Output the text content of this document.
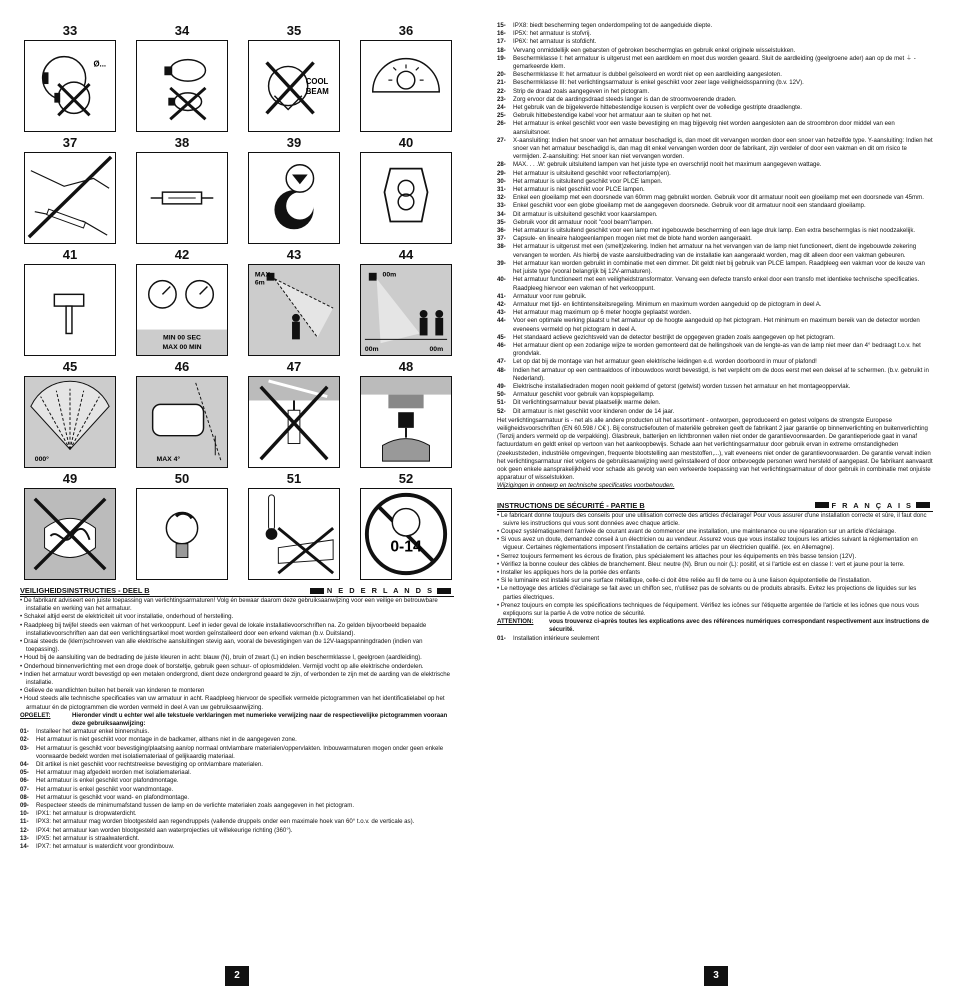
33
Ø...
34	35
COOL
BEAM
36
37	38	39	40
41	42
MIN 00 SEC
MAX 00 MIN
43
MAX
6m
44
00m
00m	00m
45
000°
46
MAX 4°
47	48
49	50	51	52
0-14
VEILIGHEIDSINSTRUCTIES - DEEL B	N E D E R L A N D S
• De fabrikant adviseert een juiste toepassing van verlichtingsarmaturen! Volg én bewaar daarom deze gebruiksaanwijzing voor een veilige en betrouwbare installatie en werking van het armatuur.
• Schakel altijd eerst de elektriciteit uit voor installatie, onderhoud of herstelling.
• Raadpleeg bij twijfel steeds een vakman of het verkooppunt. Leef in ieder geval de lokale installatievoorschriften na. Zo gelden bijvoorbeeld bepaalde installatievoorschriften aan dat een verlichtingsartikel moet worden geïnstalleerd door een erkend vakman (b.v. Duitsland).
• Draai steeds de (klem)schroeven van alle elektrische aansluitingen stevig aan, vooral de bevestigingen van de 12V-laagspanningdraden (indien van toepassing).
• Houd bij de aansluiting van de bedrading de juiste kleuren in acht: blauw (N), bruin of zwart (L) en indien beschermklasse I, geelgroen (aardleiding).
• Onderhoud binnenverlichting met een droge doek of borsteltje, gebruik geen schuur- of oplosmiddelen. Vermijd vocht op alle elektrische onderdelen.
• Indien het armatuur wordt bevestigd op een metalen ondergrond, dient deze ondergrond geaard te zijn, of verbonden te zijn met de aarding van de elektrische installatie.
• Gelieve de wandlichten buiten het bereik van kinderen te monteren
• Houd steeds alle technische specificaties van uw armatuur in acht. Raadpleeg hiervoor de specifiek vermelde pictogrammen van het identificatielabel op het armatuur én de pictogrammen die worden vermeld in deel A van uw gebruiksaanwijzing.
OPGELET:	Hieronder vindt u echter wel alle tekstuele verklaringen met numerieke verwijzing naar de respectievelijke pictogrammen vooraan deze gebruiksaanwijzing:
01-	Installeer het armatuur enkel binnenshuis.
02-	Het armatuur is niet geschikt voor montage in de badkamer, althans niet in de aangegeven zone.
03-	Het armatuur is geschikt voor bevestiging/plaatsing aan/op normaal ontvlambare materialen/oppervlakten. Inbouwarmaturen mogen onder geen enkele voorwaarde bedekt worden met isolatiemateriaal of gelijkaardig materiaal.
04-	Dit artikel is niet geschikt voor rechtstreekse bevestiging op ontvlambare materialen.
05-	Het armatuur mag afgedekt worden met isolatiemateriaal.
06-	Het armatuur is enkel geschikt voor plafondmontage.
07-	Het armatuur is enkel geschikt voor wandmontage.
08-	Het armatuur is geschikt voor wand- en plafondmontage.
09-	Respecteer steeds de minimumafstand tussen de lamp en de verlichte materialen zoals aangegeven in het pictogram.
10-	IPX1: het armatuur is dropwaterdicht.
11-	IPX3: het armatuur mag worden blootgesteld aan regendruppels (vallende druppels onder een maximale hoek van 60° t.o.v. de verticale as).
12-	IPX4: het armatuur kan worden blootgesteld aan waterprojecties uit willekeurige richting (360°).
13-	IPX5: het armatuur is straalwaterdicht.
14-	IPX7: het armatuur is waterdicht voor grondinbouw.
15-	IPX8: biedt bescherming tegen onderdompeling tot de aangeduide diepte.
16-	IP5X: het armatuur is stofvrij.
17-	IP6X: het armatuur is stofdicht.
18-	Vervang onmiddellijk een gebarsten of gebroken beschermglas en gebruik enkel originele wisselstukken.
19-	Beschermklasse I: het armatuur is uitgerust met een aardklem en moet dus worden geaard. Sluit de aardleiding (geelgroene ader) aan op de met ⏚ -gemarkeerde klem.
20-	Beschermklasse II: het armatuur is dubbel geïsoleerd en wordt niet op een aardleiding aangesloten.
21-	Beschermklasse III: het verlichtingsarmatuur is enkel geschikt voor zeer lage veiligheidsspanning (b.v. 12V).
22-	Strip de draad zoals aangegeven in het pictogram.
23-	Zorg ervoor dat de aardingsdraad steeds langer is dan de stroomvoerende draden.
24-	Het gebruik van de bijgeleverde hittebestendige kousen is verplicht over de volledige gestripte draadlengte.
25-	Gebruik hittebestendige kabel voor het armatuur aan te sluiten op het net.
26-	Het armatuur is enkel geschikt voor een vaste bevestiging en mag bijgevolg niet worden aangesloten aan de stroombron door middel van een aansluitsnoer.
27-	X-aansluiting: Indien het snoer van het armatuur beschadigd is, dan moet dit vervangen worden door een snoer van hetzelfde type. Y-aansluiting: Indien het snoer van het armatuur beschadigd is, dan mag dit enkel vervangen worden door de fabrikant, zijn verdeler of door een vakman en dit om risico te vermijden. Z-aansluiting: Het snoer kan niet vervangen worden.
28-	MAX. . . .W: gebruik uitsluitend lampen van het juiste type en overschrijd nooit het maximum aangegeven wattage.
29-	Het armatuur is uitsluitend geschikt voor reflectorlamp(en).
30-	Het armatuur is uitsluitend geschikt voor PLCE lampen.
31-	Het armatuur is niet geschikt voor PLCE lampen.
32-	Enkel een gloeilamp met een doorsnede van 60mm mag gebruikt worden. Gebruik voor dit armatuur nooit een gloeilamp met een doorsnede van 45mm.
33-	Enkel geschikt voor een globe gloeilamp met de aangegeven doorsnede. Gebruik voor dit armatuur nooit een standaard gloeilamp.
34-	Dit armatuur is uitsluitend geschikt voor kaarslampen.
35-	Gebruik voor dit armatuur nooit "cool beam"lampen.
36-	Het armatuur is uitsluitend geschikt voor een lamp met ingebouwde bescherming of een lage druk lamp. Een extra beschermglas is niet noodzakelijk.
37-	Capsule- en lineaire halogeenlampen mogen niet met de blote hand worden aangeraakt.
38-	Het armatuur is uitgerust met een (smelt)zekering. Indien het armatuur na het vervangen van de lamp niet functioneert, dient de ingebouwde zekering vervangen te worden. Als hierbij de vaste aansluitbedrading van de installatie kan aangeraakt worden, mag dit alleen door een vakman gebeuren.
39-	Het armatuur kan worden gebruikt in combinatie met een dimmer. Dit geldt niet bij gebruik van PLCE lampen. Raadpleeg een vakman voor de keuze van het juiste type (vooral belangrijk bij 12V-armaturen).
40-	Het armatuur functioneert met een veiligheidstransformator. Vervang een defecte transfo enkel door een transfo met identieke technische specificaties. Raadpleeg hiervoor een vakman of het verkooppunt.
41-	Armatuur voor ruw gebruik.
42-	Armatuur met tijd- en lichtintensiteitsregeling. Minimum en maximum worden aangeduid op de pictogram in deel A.
43-	Het armatuur mag maximum op 6 meter hoogte geplaatst worden.
44-	Voor een optimale werking plaatst u het armatuur op de hoogte aangeduid op het pictogram. Het minimum en maximum bereik van de detector worden eveneens vermeld op het pictogram in deel A.
45-	Het standaard actieve gezichtsveld van de detector bestrijkt de opgegeven graden zoals aangegeven op het pictogram.
46-	Het armatuur dient op een zodanige wijze te worden gemonteerd dat de hellingshoek van de lengte-as van de lamp niet meer dan 4° bedraagt t.o.v. het grondvlak.
47-	Let op dat bij de montage van het armatuur geen elektrische leidingen e.d. worden doorboord in muur of plafond!
48-	Indien het armatuur op een centraaldoos of inbouwdoos wordt bevestigd, is het verplicht om de doos eerst met een deksel af te schermen. (b.v. gebruikt in Nederland).
49-	Elektrische installatiedraden mogen nooit geklemd of getorst (getwist) worden tussen het armatuur en het montageoppervlak.
50-	Armatuur geschikt voor gebruik van kopspiegellamp.
51-	Dit verlichtingsarmatuur bevat plaatselijk warme delen.
52-	Dit armatuur is niet geschikt voor kinderen onder de 14 jaar.
Het verlichtingsarmatuur is - net als alle andere producten uit het assortiment - ontworpen, geproduceerd en getest volgens de strengste Europese veiligheidsvoorschriften (EN 60.598 / C€ ). Bij constructiefouten of materiële gebreken geeft de fabrikant 2 jaar garantie op binnenverlichting en buitenverlichting (Tenzij anders vermeld op de verpakking). Glasbreuk, batterijen en lichtbronnen vallen niet onder de garantievoorwaarden. De garantieperiode gaat in vanaf factuurdatum en geldt enkel op vertoon van het aankoopbewijs. Schade aan het verlichtingsarmatuur door gebruik ervan in extreme omstandigheden (zeekuststeden, industriële omgevingen, frequente blootstelling aan meststoffen,...), valt eveneens niet onder de garantievoorwaarden. De garantie vervalt indien het verlichtingsarmatuur niet volgens de gebruiksaanwijzing werd geïnstalleerd of door onbevoegde personen werd hersteld of aangepast. De fabrikant aanvaardt ook geen enkele aansprakelijkheid voor schade als gevolg van een verkeerde toepassing van het verlichtingsarmatuur of door gebruik in combinatie met onjuiste apparatuur of wisselstukken.
Wijzigingen in ontwerp en technische specificaties voorbehouden.
INSTRUCTIONS DE SÉCURITÉ - PARTIE B	F R A N Ç A I S
• Le fabricant donne toujours des conseils pour une utilisation correcte des articles d'éclairage! Pour vous assurer d'une installation correcte et sûre, il faut donc suivre les instructions qui vous sont données avec chaque article.
• Coupez systématiquement l'arrivée de courant avant de commencer une installation, une maintenance ou une réparation sur un article d'éclairage.
• Si vous avez un doute, demandez conseil à un électricien ou au vendeur. Assurez vous que vous installez toujours les articles suivant la réglementation en vigueur. Certaines réglementations imposent l'installation de certains articles par un électricien qualifié. (ex. en Allemagne).
• Serrez toujours fermement les écrous de fixation, plus spécialement les attaches pour les équipements en très basse tension (12V).
• Vérifiez la bonne couleur des câbles de branchement. Bleu: neutre (N). Brun ou noir (L): positif, et si l'article est en classe I: vert et jaune pour la terre.
• Installer les appliques hors de la portée des enfants
• Si le luminaire est installé sur une surface métallique, celle-ci doit être reliée au fil de terre ou à une liaison équipotentielle de l'installation.
• Le nettoyage des articles d'éclairage se fait avec un chiffon sec, n'utilisez pas de solvants ou de produits abrasifs. Evitez les projections de liquides sur les parties électriques.
• Prenez toujours en compte les spécifications techniques de l'équipement. Vérifiez les icônes sur l'étiquette argentée de l'article et les icônes que nous vous expliquons sur la partie A de votre notice de sécurité.
ATTENTION:	vous trouverez ci-après toutes les explications avec des références numériques correspondant respectivement aux instructions de sécurité.
01-	Installation intérieure seulement
2	3
